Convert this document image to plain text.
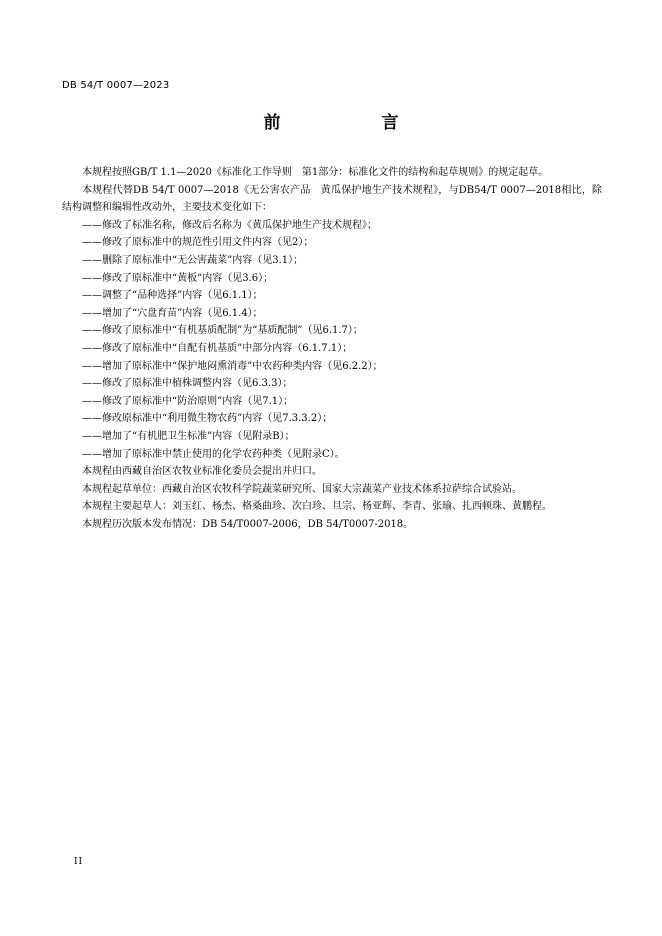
DB 54/T 0007—2023
前　言

本规程按照GB/T 1.1—2020《标准化工作导则　第1部分：标准化文件的结构和起草规则》的规定起草。

本规程代替DB 54/T 0007—2018《无公害农产品　黄瓜保护地生产技术规程》，与DB54/T 0007—2018相比，除结构调整和编辑性改动外，主要技术变化如下：

——修改了标准名称，修改后名称为《黄瓜保护地生产技术规程》；

——修改了原标准中的规范性引用文件内容（见2）；

——删除了原标准中“无公害蔬菜”内容（见3.1）；

——修改了原标准中“黄板”内容（见3.6）；

——调整了“品种选择”内容（见6.1.1）；

——增加了“穴盘育苗”内容（见6.1.4）；

——修改了原标准中“有机基质配制”为“基质配制”（见6.1.7）；

——修改了原标准中“自配有机基质”中部分内容（6.1.7.1）；

——增加了原标准中“保护地闷熏消毒”中农药种类内容（见6.2.2）；

——修改了原标准中植株调整内容（见6.3.3）；

——修改了原标准中“防治原则”内容（见7.1）；

——修改原标准中“利用微生物农药”内容（见7.3.3.2）；

——增加了“有机肥卫生标准”内容（见附录B）；

——增加了原标准中禁止使用的化学农药种类（见附录C）。

本规程由西藏自治区农牧业标准化委员会提出并归口。

本规程起草单位：西藏自治区农牧科学院蔬菜研究所、国家大宗蔬菜产业技术体系拉萨综合试验站。

本规程主要起草人：刘玉红、杨杰、格桑曲珍、次白珍、旦宗、杨亚辉、李青、张瑜、扎西顿珠、黄鹏程。

本规程历次版本发布情况：DB 54/T0007-2006，DB 54/T0007-2018。

II
